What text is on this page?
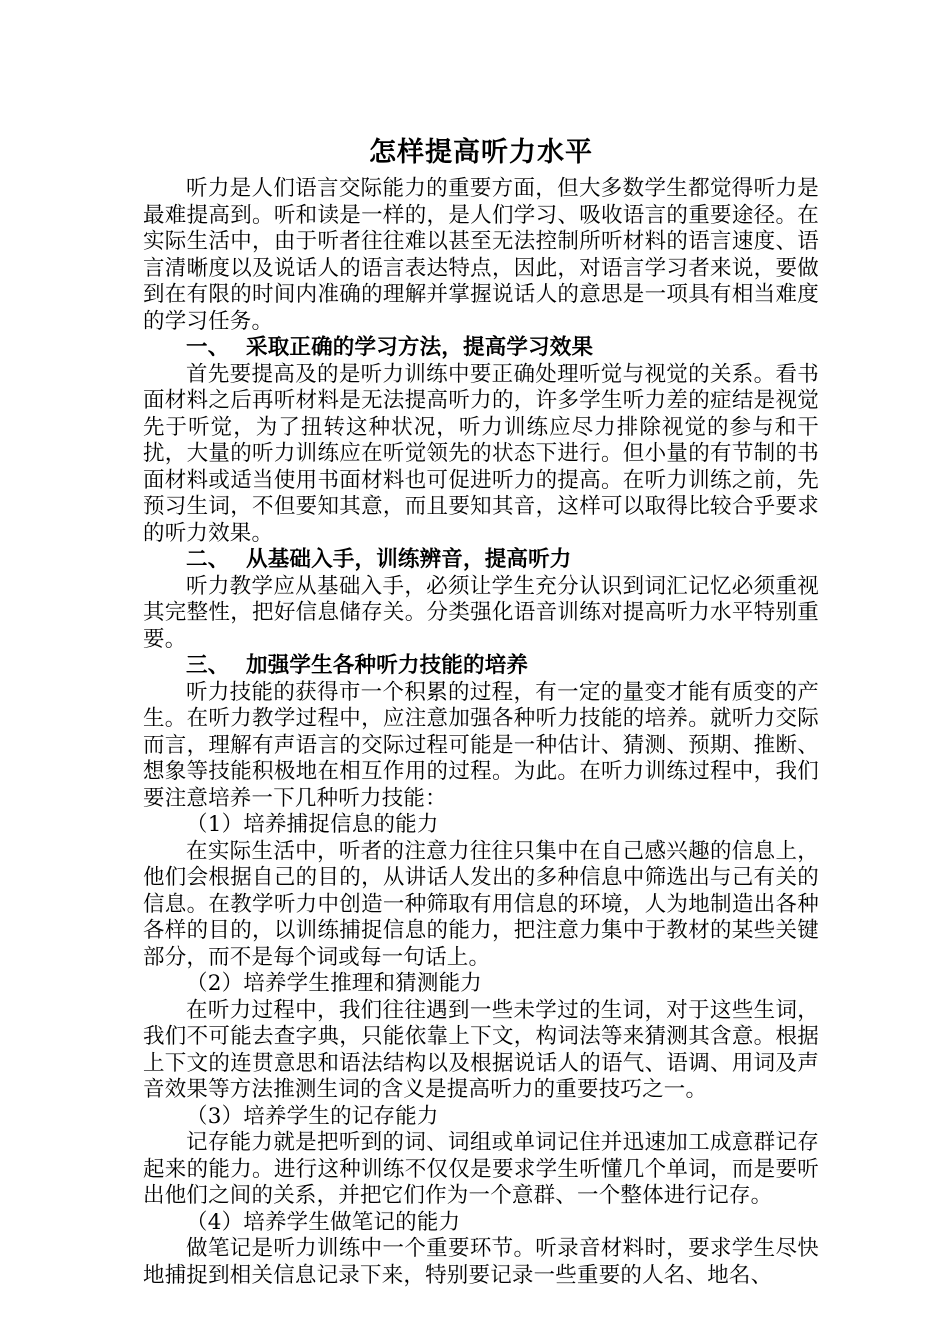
怎样提高听力水平

听力是人们语言交际能力的重要方面，但大多数学生都觉得听力是最难提高到。听和读是一样的，是人们学习、吸收语言的重要途径。在实际生活中，由于听者往往难以甚至无法控制所听材料的语言速度、语言清晰度以及说话人的语言表达特点，因此，对语言学习者来说，要做到在有限的时间内准确的理解并掌握说话人的意思是一项具有相当难度的学习任务。

一、 采取正确的学习方法，提高学习效果

首先要提高及的是听力训练中要正确处理听觉与视觉的关系。看书面材料之后再听材料是无法提高听力的，许多学生听力差的症结是视觉先于听觉，为了扭转这种状况，听力训练应尽力排除视觉的参与和干扰，大量的听力训练应在听觉领先的状态下进行。但小量的有节制的书面材料或适当使用书面材料也可促进听力的提高。在听力训练之前，先预习生词，不但要知其意，而且要知其音，这样可以取得比较合乎要求的听力效果。

二、 从基础入手，训练辨音，提高听力

听力教学应从基础入手，必须让学生充分认识到词汇记忆必须重视其完整性，把好信息储存关。分类强化语音训练对提高听力水平特别重要。

三、 加强学生各种听力技能的培养

听力技能的获得市一个积累的过程，有一定的量变才能有质变的产生。在听力教学过程中，应注意加强各种听力技能的培养。就听力交际而言，理解有声语言的交际过程可能是一种估计、猜测、预期、推断、想象等技能积极地在相互作用的过程。为此。在听力训练过程中，我们要注意培养一下几种听力技能：

（1）培养捕捉信息的能力

在实际生活中，听者的注意力往往只集中在自己感兴趣的信息上，他们会根据自己的目的，从讲话人发出的多种信息中筛选出与己有关的信息。在教学听力中创造一种筛取有用信息的环境，人为地制造出各种各样的目的，以训练捕捉信息的能力，把注意力集中于教材的某些关键部分，而不是每个词或每一句话上。

（2）培养学生推理和猜测能力

在听力过程中，我们往往遇到一些未学过的生词，对于这些生词，我们不可能去查字典，只能依靠上下文，构词法等来猜测其含意。根据上下文的连贯意思和语法结构以及根据说话人的语气、语调、用词及声音效果等方法推测生词的含义是提高听力的重要技巧之一。

（3）培养学生的记存能力

记存能力就是把听到的词、词组或单词记住并迅速加工成意群记存起来的能力。进行这种训练不仅仅是要求学生听懂几个单词，而是要听出他们之间的关系，并把它们作为一个意群、一个整体进行记存。

（4）培养学生做笔记的能力

做笔记是听力训练中一个重要环节。听录音材料时，要求学生尽快地捕捉到相关信息记录下来，特别要记录一些重要的人名、地名、
